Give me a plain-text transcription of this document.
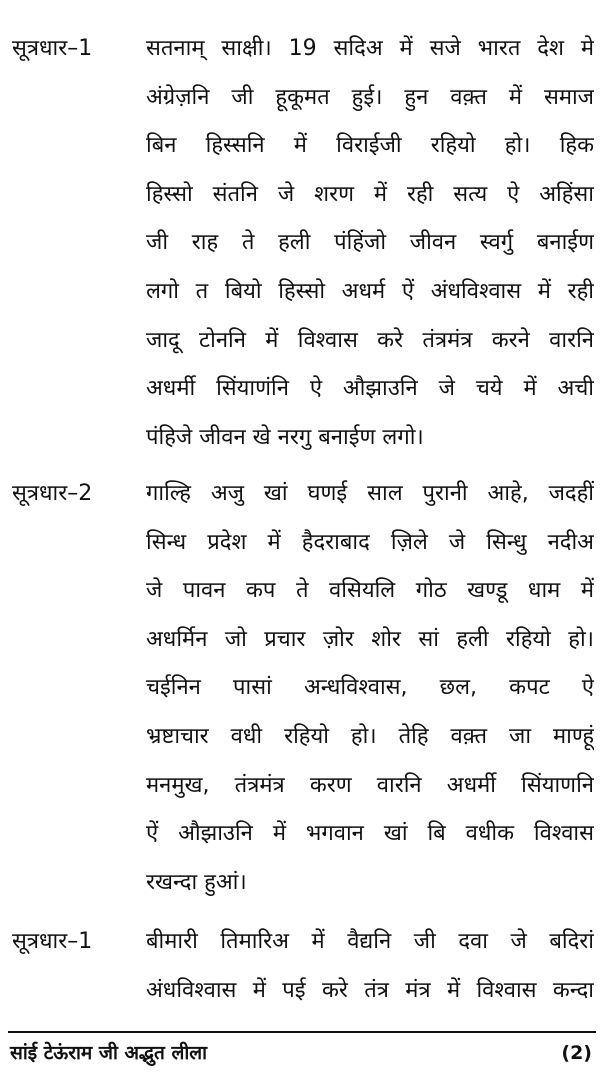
सूत्रधार–1	सतनाम् साक्षी। 19 सदिअ में सजे भारत देश मे
अंग्रेज़नि जी हूकूमत हुई। हुन वक़्त में समाज
बिन हिस्सनि में विराईजी रहियो हो। हिक
हिस्सो संतनि जे शरण में रही सत्य ऐ अहिंसा
जी राह ते हली पंहिंजो जीवन स्वर्गु बनाईण
लगो त बियो हिस्सो अधर्म ऐं अंधविश्वास में रही
जादू टोननि में विश्वास करे तंत्रमंत्र करने वारनि
अधर्मी सिंयाणंनि ऐ औझाउनि जे चये में अची
पंहिजे जीवन खे नरगु बनाईण लगो।
सूत्रधार–2	गाल्हि अजु खां घणई साल पुरानी आहे, जदहीं
सिन्ध प्रदेश में हैदराबाद ज़िले जे सिन्धु नदीअ
जे पावन कप ते वसियलि गोठ खण्डू धाम में
अधर्मिन जो प्रचार ज़ोर शोर सां हली रहियो हो।
चईनिन पासां अन्धविश्वास, छल, कपट ऐ
भ्रष्टाचार वधी रहियो हो। तेहि वक़्त जा माण्हूं
मनमुख, तंत्रमंत्र करण वारनि अधर्मी सिंयाणनि
ऐं औझाउनि में भगवान खां बि वधीक विश्वास
रखन्दा हुआं।
सूत्रधार–1	बीमारी तिमारिअ में वैद्यनि जी दवा जे बदिरां
अंधविश्वास में पई करे तंत्र मंत्र में विश्वास कन्दा
सांई टेऊंराम जी अद्भुत लीला	(2)
